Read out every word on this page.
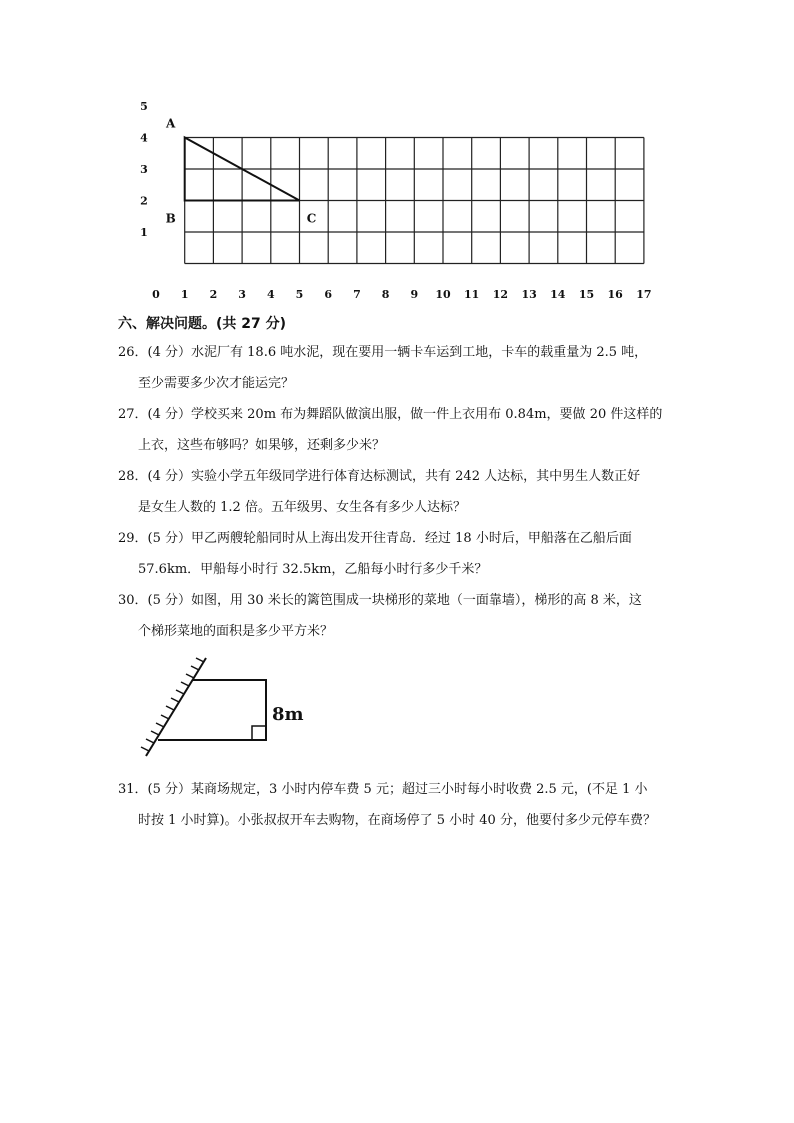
0 1 2 3 4 5 6 7 8 9 10 11 12 13 14 15 16 17
1
2
3
4
5
A
B	C
六、解决问题。(共 27 分)
26．(4 分）水泥厂有 18.6 吨水泥，现在要用一辆卡车运到工地，卡车的载重量为 2.5 吨，
至少需要多少次才能运完？
27．(4 分）学校买来 20m 布为舞蹈队做演出服，做一件上衣用布 0.84m，要做 20 件这样的
上衣，这些布够吗？如果够，还剩多少米？
28．(4 分）实验小学五年级同学进行体育达标测试，共有 242 人达标，其中男生人数正好
是女生人数的 1.2 倍。五年级男、女生各有多少人达标？
29．(5 分）甲乙两艘轮船同时从上海出发开往青岛．经过 18 小时后，甲船落在乙船后面
57.6km．甲船每小时行 32.5km，乙船每小时行多少千米？
30．(5 分）如图，用 30 米长的篱笆围成一块梯形的菜地（一面靠墙），梯形的高 8 米，这
个梯形菜地的面积是多少平方米？
8m
31．(5 分）某商场规定，3 小时内停车费 5 元；超过三小时每小时收费 2.5 元，(不足 1 小
时按 1 小时算)。小张叔叔开车去购物，在商场停了 5 小时 40 分，他要付多少元停车费？
